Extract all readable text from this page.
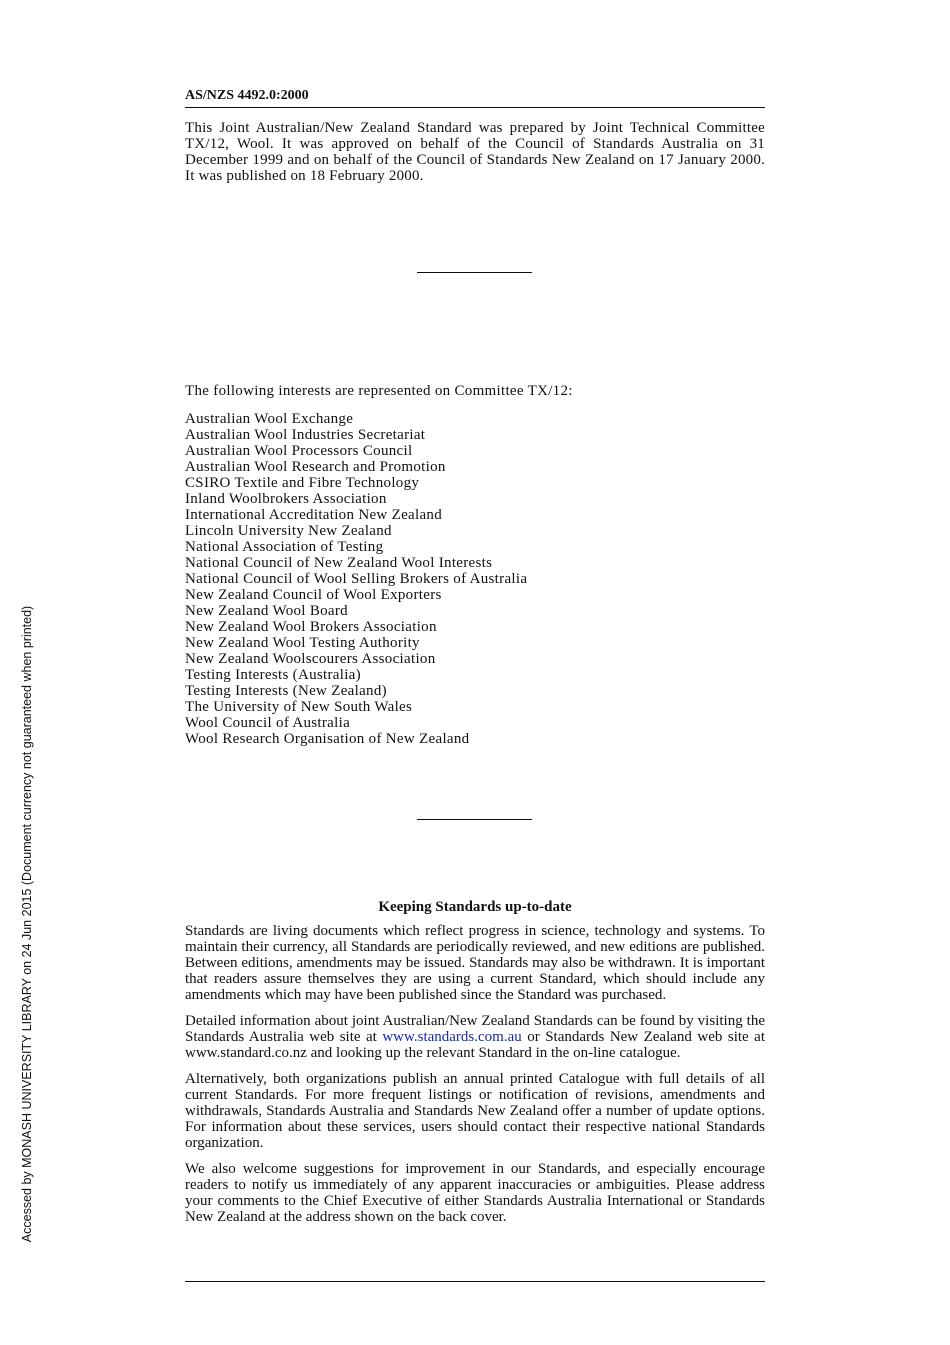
AS/NZS 4492.0:2000

This Joint Australian/New Zealand Standard was prepared by Joint Technical Committee TX/12, Wool. It was approved on behalf of the Council of Standards Australia on 31 December 1999 and on behalf of the Council of Standards New Zealand on 17 January 2000. It was published on 18 February 2000.

The following interests are represented on Committee TX/12:

Australian Wool Exchange
Australian Wool Industries Secretariat
Australian Wool Processors Council
Australian Wool Research and Promotion
CSIRO Textile and Fibre Technology
Inland Woolbrokers Association
International Accreditation New Zealand
Lincoln University New Zealand
National Association of Testing
National Council of New Zealand Wool Interests
National Council of Wool Selling Brokers of Australia
New Zealand Council of Wool Exporters
New Zealand Wool Board
New Zealand Wool Brokers Association
New Zealand Wool Testing Authority
New Zealand Woolscourers Association
Testing Interests (Australia)
Testing Interests (New Zealand)
The University of New South Wales
Wool Council of Australia
Wool Research Organisation of New Zealand
Keeping Standards up-to-date

Standards are living documents which reflect progress in science, technology and systems. To maintain their currency, all Standards are periodically reviewed, and new editions are published. Between editions, amendments may be issued. Standards may also be withdrawn. It is important that readers assure themselves they are using a current Standard, which should include any amendments which may have been published since the Standard was purchased.

Detailed information about joint Australian/New Zealand Standards can be found by visiting the Standards Australia web site at www.standards.com.au or Standards New Zealand web site at www.standard.co.nz and looking up the relevant Standard in the on-line catalogue.

Alternatively, both organizations publish an annual printed Catalogue with full details of all current Standards. For more frequent listings or notification of revisions, amendments and withdrawals, Standards Australia and Standards New Zealand offer a number of update options. For information about these services, users should contact their respective national Standards organization.

We also welcome suggestions for improvement in our Standards, and especially encourage readers to notify us immediately of any apparent inaccuracies or ambiguities. Please address your comments to the Chief Executive of either Standards Australia International or Standards New Zealand at the address shown on the back cover.

Accessed by MONASH UNIVERSITY LIBRARY on 24 Jun 2015 (Document currency not guaranteed when printed)
